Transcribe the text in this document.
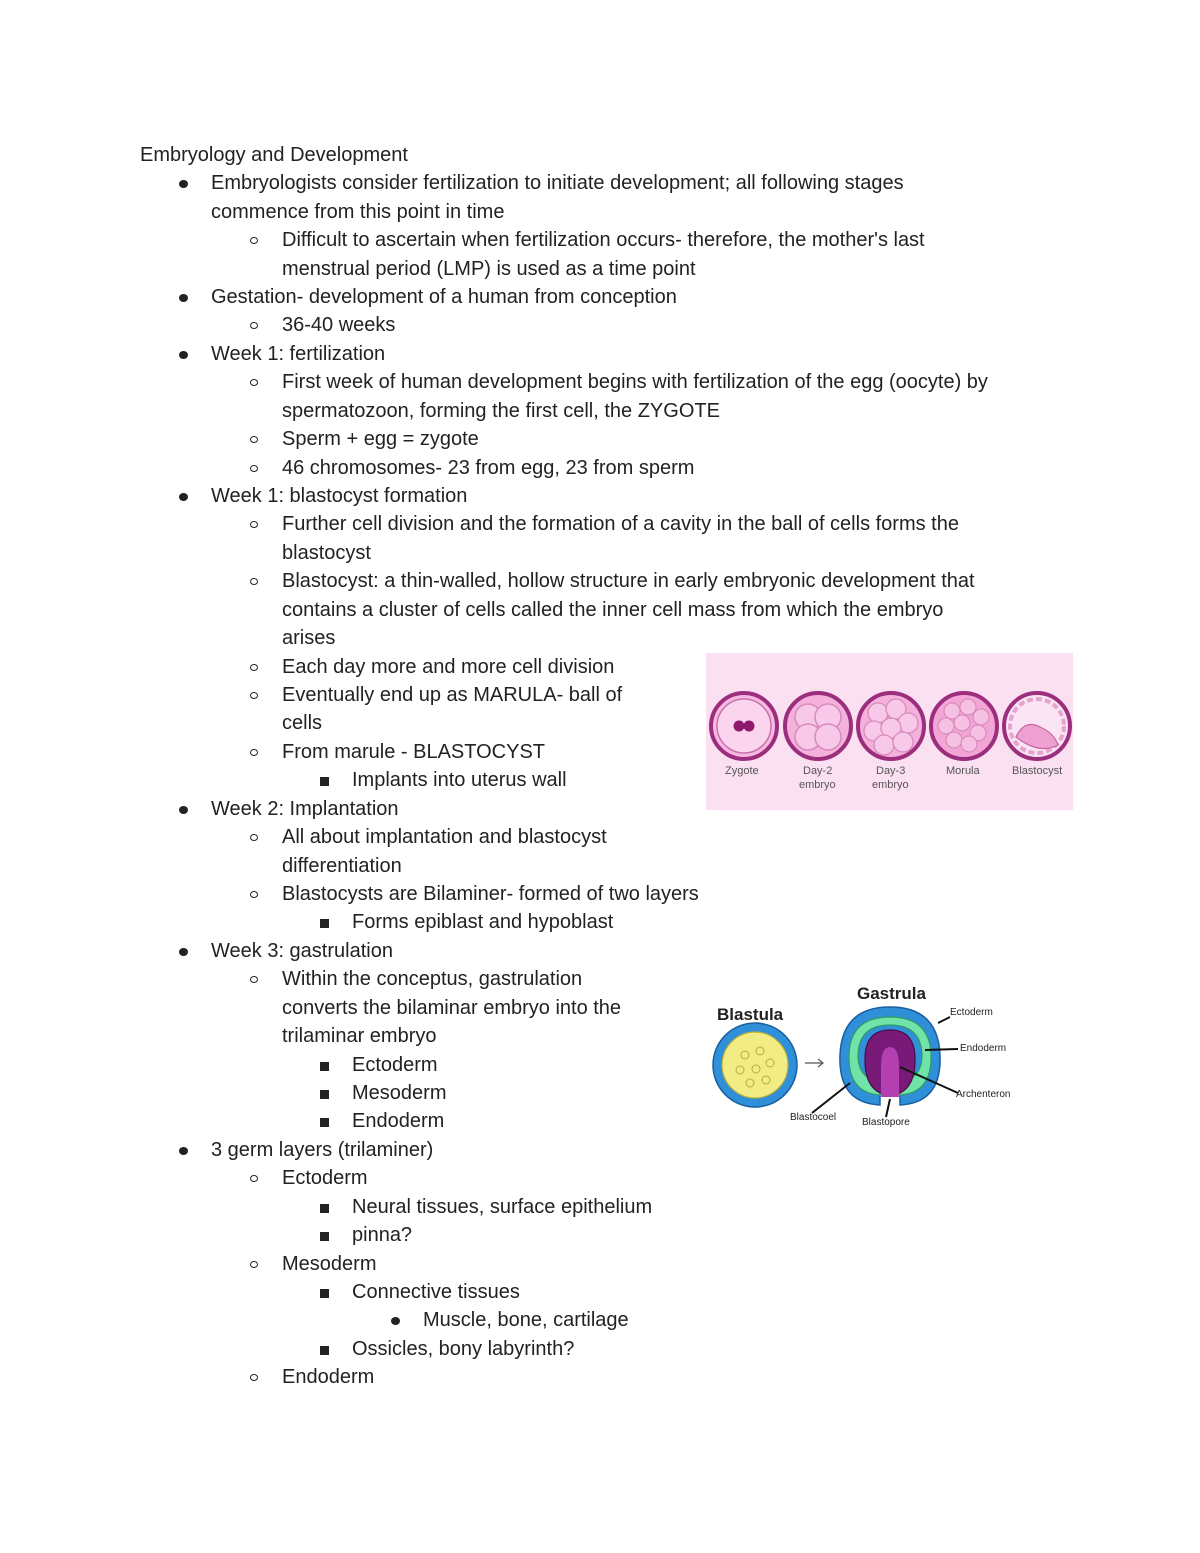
Embryology and Development
Embryologists consider fertilization to initiate development; all following stages
commence from this point in time
Difficult to ascertain when fertilization occurs- therefore, the mother's last
menstrual period (LMP) is used as a time point
Gestation- development of a human from conception
36-40 weeks
Week 1: fertilization
First week of human development begins with fertilization of the egg (oocyte) by
spermatozoon, forming the first cell, the ZYGOTE
Sperm + egg = zygote
46 chromosomes- 23 from egg, 23 from sperm
Week 1: blastocyst formation
Further cell division and the formation of a cavity in the ball of cells forms the
blastocyst
Blastocyst: a thin-walled, hollow structure in early embryonic development that
contains a cluster of cells called the inner cell mass from which the embryo
arises
Each day more and more cell division
Eventually end up as MARULA- ball of
cells
From marule - BLASTOCYST
Implants into uterus wall
Week 2: Implantation
All about implantation and blastocyst
differentiation
Blastocysts are Bilaminer- formed of two layers
Forms epiblast and hypoblast
Week 3: gastrulation
Within the conceptus, gastrulation
converts the bilaminar embryo into the
trilaminar embryo
Ectoderm
Mesoderm
Endoderm
3 germ layers (trilaminer)
Ectoderm
Neural tissues, surface epithelium
pinna?
Mesoderm
Connective tissues
Muscle, bone, cartilage
Ossicles, bony labyrinth?
Endoderm
Zygote	Day-2
embryo
Day-3
embryo
Morula	Blastocyst
Blastula
Gastrula
Ectoderm
Endoderm
Archenteron
Blastocoel	Blastopore
